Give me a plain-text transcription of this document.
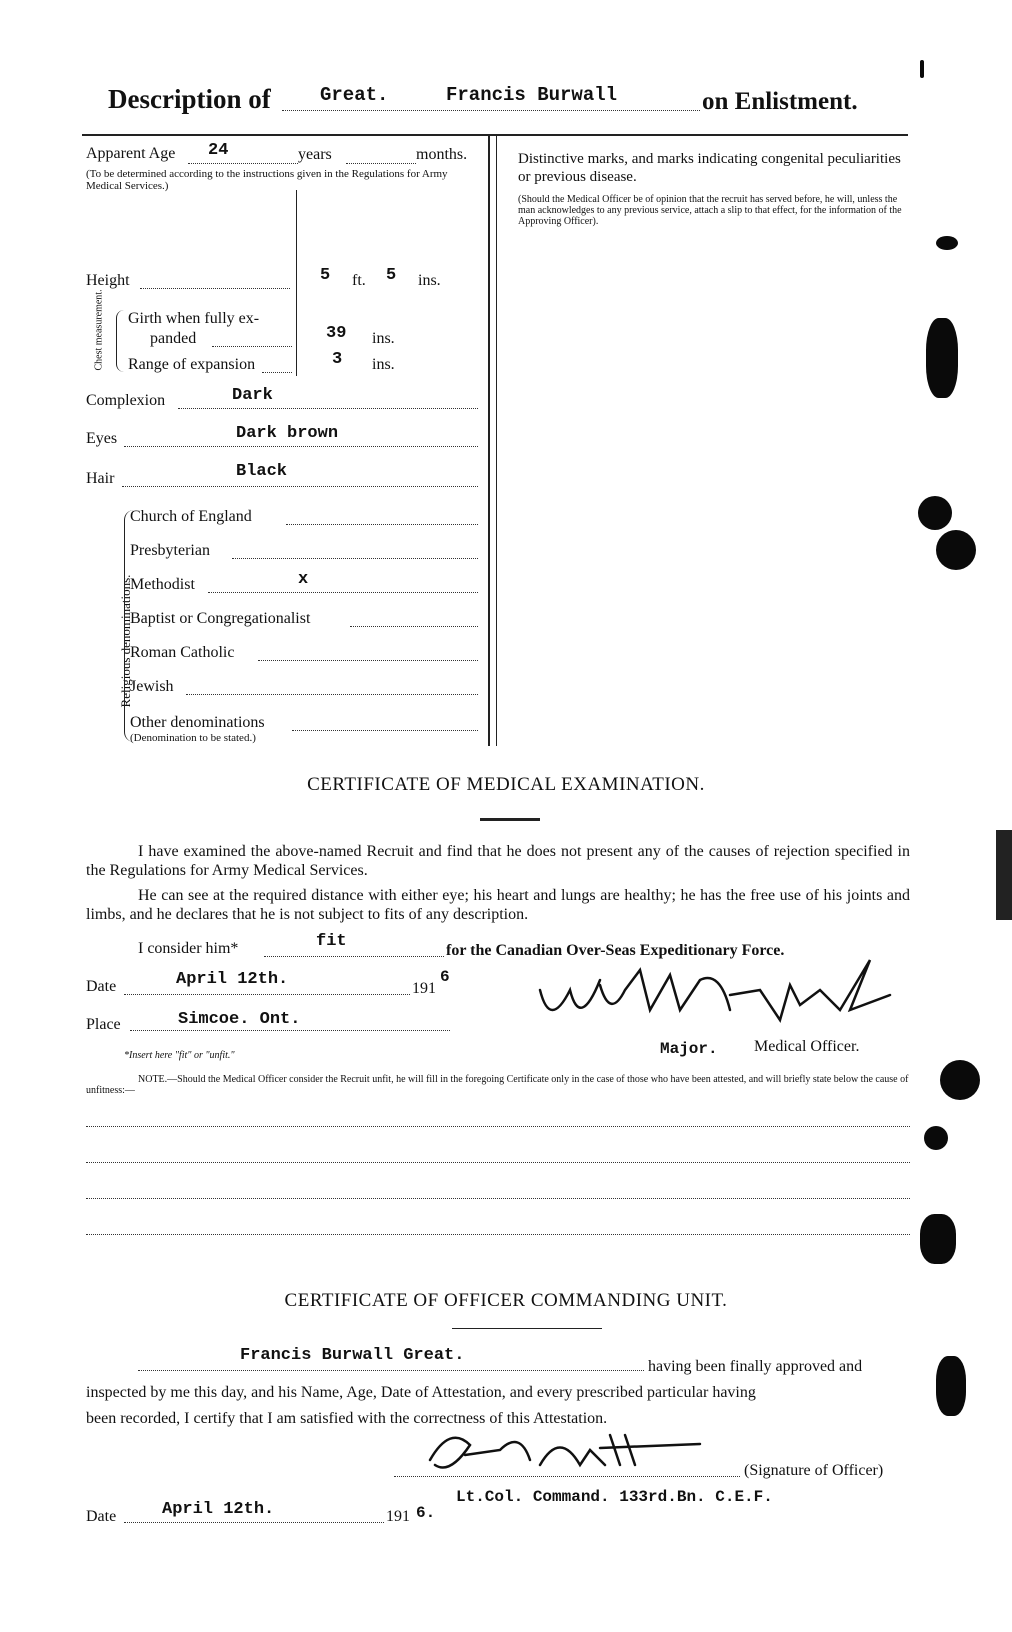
Description of	Great.	Francis Burwall	on Enlistment.
Apparent Age 24	years	months.
(To be determined according to the instructions given in the Regulations for Army Medical Services.)
Height	5 ft. 5 ins.
Chest measurement. Girth when fully ex-
panded	39 ins.
Range of expansion	3 ins.
Complexion	Dark
Eyes	Dark brown
Hair	Black
Religious denominations.
Church of England
Presbyterian
Methodist	x
Baptist or Congregationalist
Roman Catholic
Jewish
Other denominations
(Denomination to be stated.)
Distinctive marks, and marks indicating congenital peculiarities or previous disease.
(Should the Medical Officer be of opinion that the recruit has served before, he will, unless the man acknowledges to any previous service, attach a slip to that effect, for the information of the Approving Officer).
CERTIFICATE OF MEDICAL EXAMINATION.
I have examined the above-named Recruit and find that he does not present any of the causes of rejection specified in the Regulations for Army Medical Services.
He can see at the required distance with either eye; his heart and lungs are healthy; he has the free use of his joints and limbs, and he declares that he is not subject to fits of any description.
I consider him*	fit	for the Canadian Over-Seas Expeditionary Force.
Date	April 12th.	191
6
Place	Simcoe. Ont.
Major. Medical Officer.
*Insert here "fit" or "unfit."
NOTE.—Should the Medical Officer consider the Recruit unfit, he will fill in the foregoing Certificate only in the case of those who have been attested, and will briefly state below the cause of unfitness:—
CERTIFICATE OF OFFICER COMMANDING UNIT.
Francis Burwall Great.
having been finally approved and
inspected by me this day, and his Name, Age, Date of Attestation, and every prescribed particular having
been recorded, I certify that I am satisfied with the correctness of this Attestation.
(Signature of Officer)
Date	April 12th.	191 6.
Lt.Col. Command. 133rd.Bn. C.E.F.
